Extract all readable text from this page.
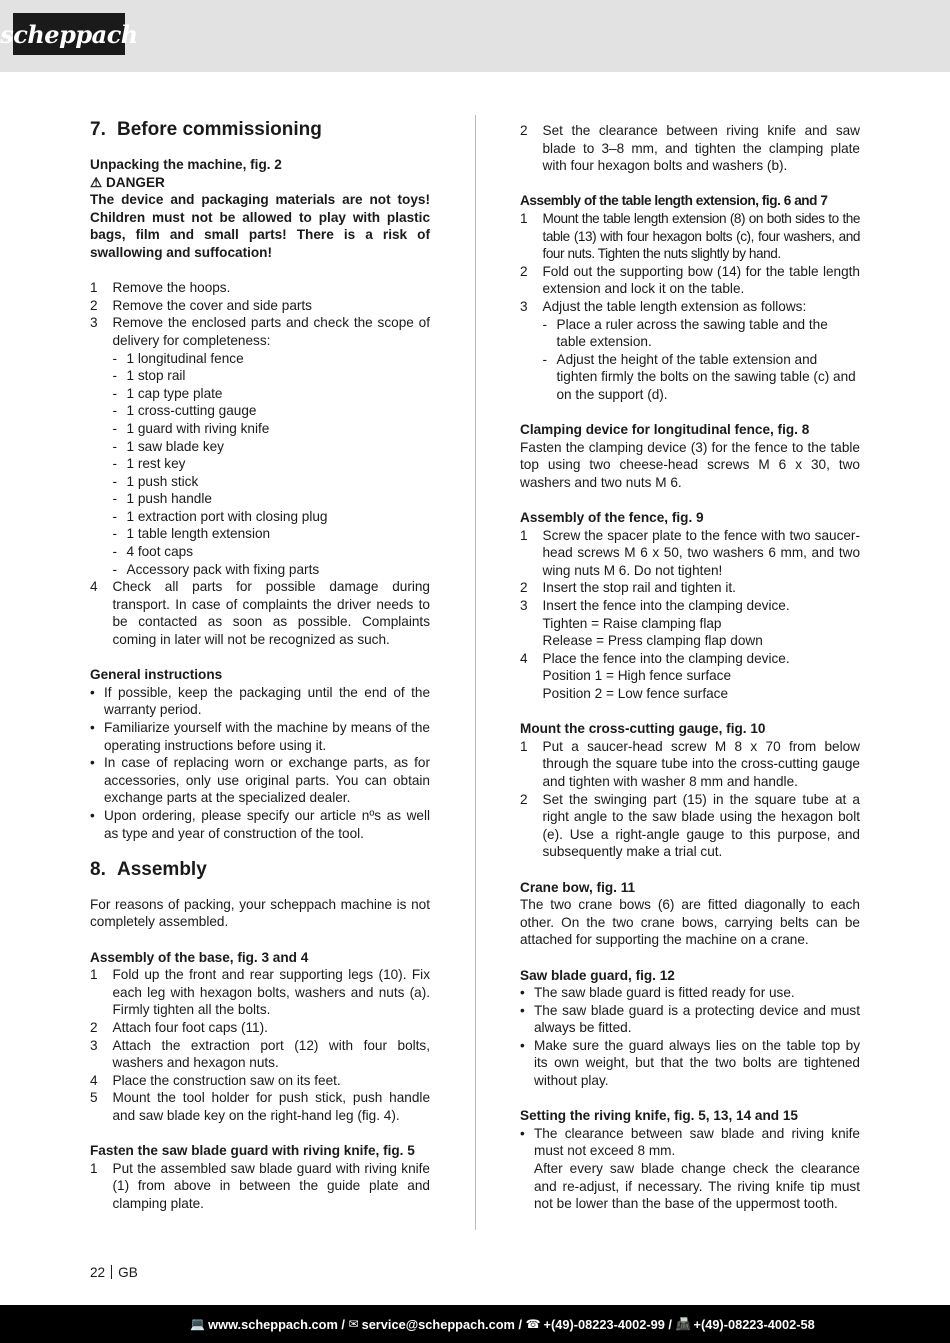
scheppach
7. Before commissioning
Unpacking the machine, fig. 2
⚠ DANGER
The device and packaging materials are not toys! Children must not be allowed to play with plastic bags, film and small parts! There is a risk of swallowing and suffocation!
1	Remove the hoops.
2	Remove the cover and side parts
3	Remove the enclosed parts and check the scope of delivery for completeness:
- 1 longitudinal fence
- 1 stop rail
- 1 cap type plate
- 1 cross-cutting gauge
- 1 guard with riving knife
- 1 saw blade key
- 1 rest key
- 1 push stick
- 1 push handle
- 1 extraction port with closing plug
- 1 table length extension
- 4 foot caps
- Accessory pack with fixing parts
4	Check all parts for possible damage during transport. In case of complaints the driver needs to be contacted as soon as possible. Complaints coming in later will not be recognized as such.
General instructions
• If possible, keep the packaging until the end of the warranty period.
• Familiarize yourself with the machine by means of the operating instructions before using it.
• In case of replacing worn or exchange parts, as for accessories, only use original parts. You can obtain exchange parts at the specialized dealer.
• Upon ordering, please specify our article nºs as well as type and year of construction of the tool.
8. Assembly
For reasons of packing, your scheppach machine is not completely assembled.
Assembly of the base, fig. 3 and 4
1	Fold up the front and rear supporting legs (10). Fix each leg with hexagon bolts, washers and nuts (a). Firmly tighten all the bolts.
2	Attach four foot caps (11).
3	Attach the extraction port (12) with four bolts, washers and hexagon nuts.
4	Place the construction saw on its feet.
5	Mount the tool holder for push stick, push handle and saw blade key on the right-hand leg (fig. 4).
Fasten the saw blade guard with riving knife, fig. 5
1	Put the assembled saw blade guard with riving knife (1) from above in between the guide plate and clamping plate.
2	Set the clearance between riving knife and saw blade to 3–8 mm, and tighten the clamping plate with four hexagon bolts and washers (b).
Assembly of the table length extension, fig. 6 and 7
1	Mount the table length extension (8) on both sides to the table (13) with four hexagon bolts (c), four washers, and four nuts. Tighten the nuts slightly by hand.
2	Fold out the supporting bow (14) for the table length extension and lock it on the table.
3	Adjust the table length extension as follows:
- Place a ruler across the sawing table and the table extension.
- Adjust the height of the table extension and tighten firmly the bolts on the sawing table (c) and on the support (d).
Clamping device for longitudinal fence, fig. 8
Fasten the clamping device (3) for the fence to the table top using two cheese-head screws M 6 x 30, two washers and two nuts M 6.
Assembly of the fence, fig. 9
1	Screw the spacer plate to the fence with two saucer-head screws M 6 x 50, two washers 6 mm, and two wing nuts M 6. Do not tighten!
2	Insert the stop rail and tighten it.
3	Insert the fence into the clamping device.
Tighten = Raise clamping flap
Release = Press clamping flap down
4	Place the fence into the clamping device.
Position 1 = High fence surface
Position 2 = Low fence surface
Mount the cross-cutting gauge, fig. 10
1	Put a saucer-head screw M 8 x 70 from below through the square tube into the cross-cutting gauge and tighten with washer 8 mm and handle.
2	Set the swinging part (15) in the square tube at a right angle to the saw blade using the hexagon bolt (e). Use a right-angle gauge to this purpose, and subsequently make a trial cut.
Crane bow, fig. 11
The two crane bows (6) are fitted diagonally to each other. On the two crane bows, carrying belts can be attached for supporting the machine on a crane.
Saw blade guard, fig. 12
• The saw blade guard is fitted ready for use.
• The saw blade guard is a protecting device and must always be fitted.
• Make sure the guard always lies on the table top by its own weight, but that the two bolts are tightened without play.
Setting the riving knife, fig. 5, 13, 14 and 15
• The clearance between saw blade and riving knife must not exceed 8 mm.
After every saw blade change check the clearance and re-adjust, if necessary. The riving knife tip must not be lower than the base of the uppermost tooth.
22 GB
💻 www.scheppach.com /
✉ service@scheppach.com /
☎ +(49)-08223-4002-99 /
📠 +(49)-08223-4002-58
